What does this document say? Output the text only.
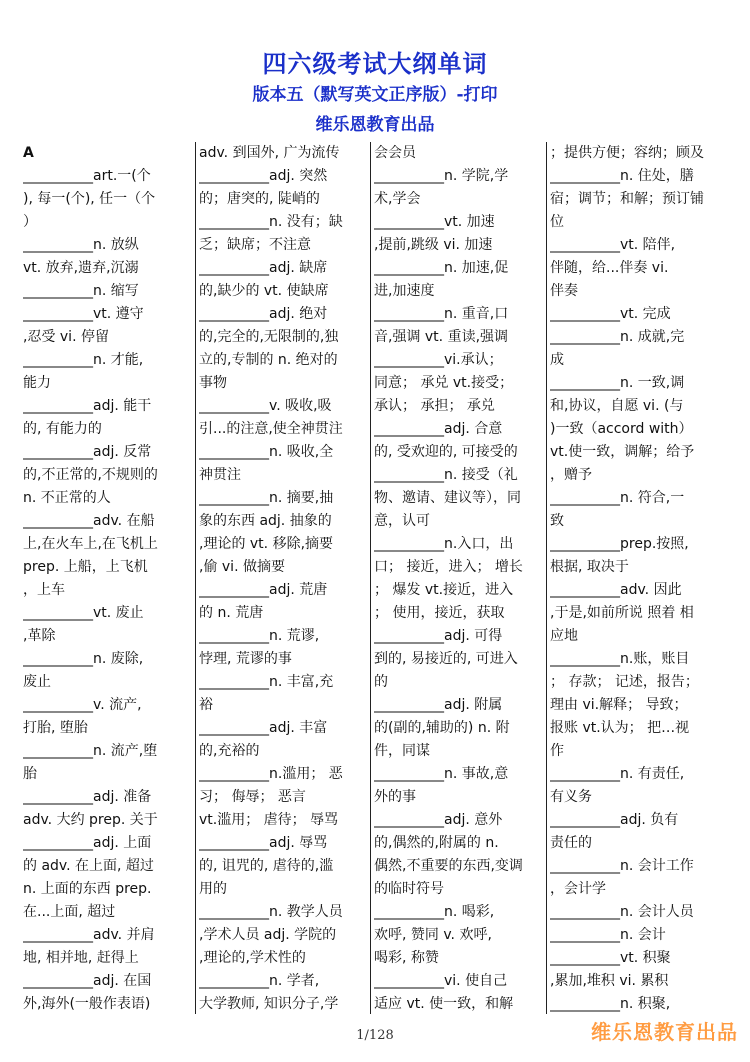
四六级考试大纲单词
版本五（默写英文正序版）-打印
维乐恩教育出品
A
__________art.一(个
), 每一(个), 任一（个
）
__________n. 放纵
vt. 放弃,遗弃,沉溺
__________n. 缩写
__________vt. 遵守
,忍受 vi. 停留
__________n. 才能,
能力
__________adj. 能干
的, 有能力的
__________adj. 反常
的,不正常的,不规则的
n. 不正常的人
__________adv. 在船
上,在火车上,在飞机上
prep. 上船，上飞机
，上车
__________vt. 废止
,革除
__________n. 废除,
废止
__________v. 流产,
打胎, 堕胎
__________n. 流产,堕
胎
__________adj. 准备
adv. 大约 prep. 关于
__________adj. 上面
的 adv. 在上面, 超过
n. 上面的东西 prep.
在...上面, 超过
__________adv. 并肩
地, 相并地, 赶得上
__________adj. 在国
外,海外(一般作表语)
adv. 到国外, 广为流传
__________adj. 突然
的；唐突的, 陡峭的
__________n. 没有；缺
乏；缺席；不注意
__________adj. 缺席
的,缺少的 vt. 使缺席
__________adj. 绝对
的,完全的,无限制的,独
立的,专制的 n. 绝对的
事物
__________v. 吸收,吸
引...的注意,使全神贯注
__________n. 吸收,全
神贯注
__________n. 摘要,抽
象的东西 adj. 抽象的
,理论的 vt. 移除,摘要
,偷 vi. 做摘要
__________adj. 荒唐
的 n. 荒唐
__________n. 荒谬,
悖理, 荒谬的事
__________n. 丰富,充
裕
__________adj. 丰富
的,充裕的
__________n.滥用； 恶
习； 侮辱； 恶言
vt.滥用； 虐待； 辱骂
__________adj. 辱骂
的, 诅咒的, 虐待的,滥
用的
__________n. 教学人员
,学术人员 adj. 学院的
,理论的,学术性的
__________n. 学者,
大学教师, 知识分子,学
会会员
__________n. 学院,学
术,学会
__________vt. 加速
,提前,跳级 vi. 加速
__________n. 加速,促
进,加速度
__________n. 重音,口
音,强调 vt. 重读,强调
__________vi.承认；
同意； 承兑 vt.接受；
承认； 承担； 承兑
__________adj. 合意
的, 受欢迎的, 可接受的
__________n. 接受（礼
物、邀请、建议等），同
意，认可
__________n.入口，出
口； 接近，进入； 增长
； 爆发 vt.接近，进入
； 使用，接近，获取
__________adj. 可得
到的, 易接近的, 可进入
的
__________adj. 附属
的(副的,辅助的) n. 附
件，同谋
__________n. 事故,意
外的事
__________adj. 意外
的,偶然的,附属的 n.
偶然,不重要的东西,变调
的临时符号
__________n. 喝彩,
欢呼, 赞同 v. 欢呼,
喝彩, 称赞
__________vi. 使自己
适应 vt. 使一致，和解
；提供方便；容纳；顾及
__________n. 住处，膳
宿；调节；和解；预订铺
位
__________vt. 陪伴,
伴随，给...伴奏 vi.
伴奏
__________vt. 完成
__________n. 成就,完
成
__________n. 一致,调
和,协议，自愿 vi. (与
)一致（accord with）
vt.使一致，调解；给予
，赠予
__________n. 符合,一
致
__________prep.按照,
根据, 取决于
__________adv. 因此
,于是,如前所说 照着 相
应地
__________n.账，账目
； 存款； 记述，报告；
理由 vi.解释； 导致；
报账 vt.认为； 把…视
作
__________n. 有责任,
有义务
__________adj. 负有
责任的
__________n. 会计工作
，会计学
__________n. 会计人员
__________n. 会计
__________vt. 积聚
,累加,堆积 vi. 累积
__________n. 积聚,
1/128	维乐恩教育出品
